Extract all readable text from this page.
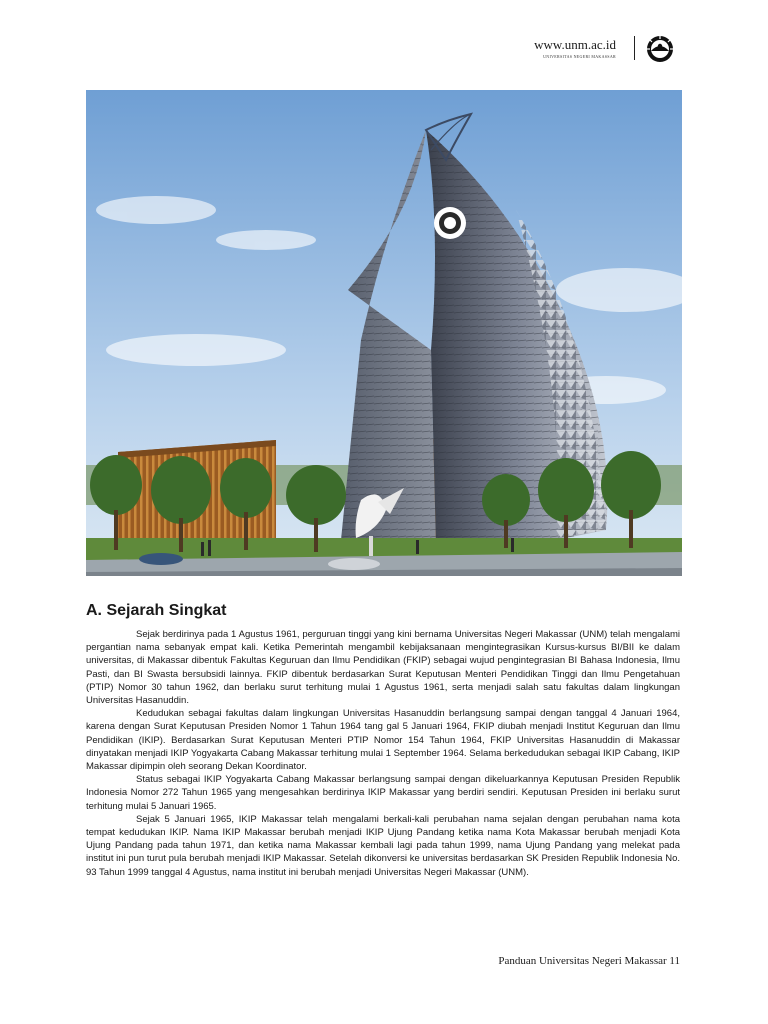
www.unm.ac.id
UNIVERSITAS NEGERI MAKASSAR
A. Sejarah Singkat

Sejak berdirinya pada 1 Agustus 1961, perguruan tinggi yang kini bernama Universitas Negeri Makassar (UNM) telah mengalami pergantian nama sebanyak empat kali. Ketika Pemerintah mengambil kebijaksanaan mengintegrasikan Kursus-kursus BI/BII ke dalam universitas, di Makassar dibentuk Fakultas Keguruan dan Ilmu Pendidikan (FKIP) sebagai wujud pengintegrasian BI Bahasa Indonesia, Ilmu Pasti, dan BI Swasta bersubsidi lainnya. FKIP dibentuk berdasarkan Surat Keputusan Menteri Pendidikan Tinggi dan Ilmu Pengetahuan (PTIP) Nomor 30 tahun 1962, dan berlaku surut terhitung mulai 1 Agustus 1961, serta menjadi salah satu fakultas dalam lingkungan Universitas Hasanuddin.

Kedudukan sebagai fakultas dalam lingkungan Universitas Hasanuddin berlangsung sampai dengan tanggal 4 Januari 1964, karena dengan Surat Keputusan Presiden Nomor 1 Tahun 1964 tang gal 5 Januari 1964, FKIP diubah menjadi Institut Keguruan dan Ilmu Pendidikan (IKIP). Berdasarkan Surat Keputusan Menteri PTIP Nomor 154 Tahun 1964, FKIP Universitas Hasanuddin di Makassar dinyatakan menjadi IKIP Yogyakarta Cabang Makassar terhitung mulai 1 September 1964. Selama berkedudukan sebagai IKIP Cabang, IKIP Makassar dipimpin oleh seorang Dekan Koordinator.

Status sebagai IKIP Yogyakarta Cabang Makassar berlangsung sampai dengan dikeluarkannya Keputusan Presiden Republik Indonesia Nomor 272 Tahun 1965 yang mengesahkan berdirinya IKIP Makassar yang berdiri sendiri. Keputusan Presiden ini berlaku surut terhitung mulai 5 Januari 1965.

Sejak 5 Januari 1965, IKIP Makassar telah mengalami berkali-kali perubahan nama sejalan dengan perubahan nama kota tempat kedudukan IKIP. Nama IKIP Makassar berubah menjadi IKIP Ujung Pandang ketika nama Kota Makassar berubah menjadi Kota Ujung Pandang pada tahun 1971, dan ketika nama Makassar kembali lagi pada tahun 1999, nama Ujung Pandang yang melekat pada institut ini pun turut pula berubah menjadi IKIP Makassar. Setelah dikonversi ke universitas berdasarkan SK Presiden Republik Indonesia No. 93 Tahun 1999 tanggal 4 Agustus, nama institut ini berubah menjadi Universitas Negeri Makassar (UNM).

Panduan Universitas Negeri Makassar 11
